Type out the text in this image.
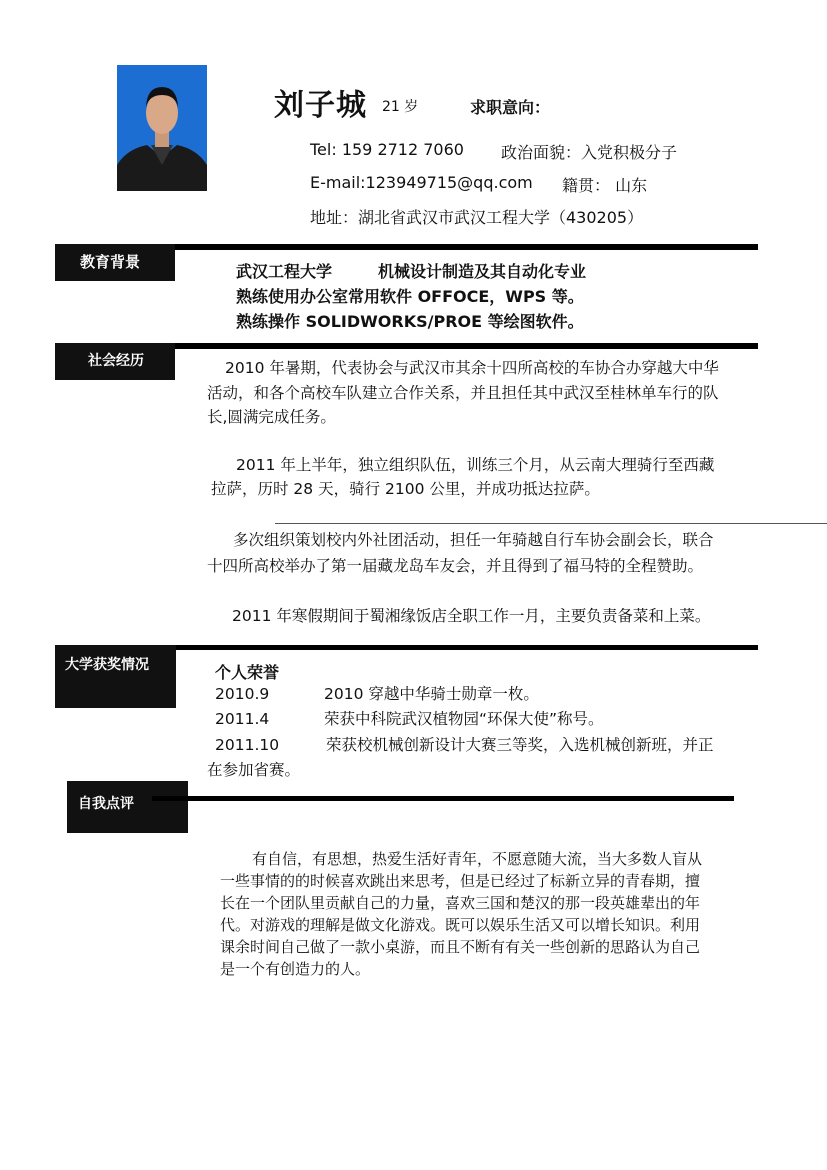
刘子城 21 岁	求职意向：
Tel: 159 2712 7060 政治面貌：入党积极分子
E-mail:123949715@qq.com 籍贯： 山东
地址：湖北省武汉市武汉工程大学（430205）
教育背景	武汉工程大学	机械设计制造及其自动化专业
熟练使用办公室常用软件 OFFOCE，WPS 等。
熟练操作 SOLIDWORKS/PROE 等绘图软件。
社会经历	2010 年暑期，代表协会与武汉市其余十四所高校的车协合办穿越大中华
活动，和各个高校车队建立合作关系，并且担任其中武汉至桂林单车行的队
长,圆满完成任务。
2011 年上半年，独立组织队伍，训练三个月，从云南大理骑行至西藏
拉萨，历时 28 天，骑行 2100 公里，并成功抵达拉萨。
多次组织策划校内外社团活动，担任一年骑越自行车协会副会长，联合
十四所高校举办了第一届藏龙岛车友会，并且得到了福马特的全程赞助。
2011 年寒假期间于蜀湘缘饭店全职工作一月，主要负责备菜和上菜。
大学获奖情况	个人荣誉
2010.9	2010 穿越中华骑士勋章一枚。
2011.4	荣获中科院武汉植物园“环保大使”称号。
2011.10	荣获校机械创新设计大赛三等奖，入选机械创新班，并正
在参加省赛。
自我点评
有自信，有思想，热爱生活好青年，不愿意随大流，当大多数人盲从
一些事情的的时候喜欢跳出来思考，但是已经过了标新立异的青春期，擅
长在一个团队里贡献自己的力量，喜欢三国和楚汉的那一段英雄辈出的年
代。对游戏的理解是做文化游戏。既可以娱乐生活又可以增长知识。利用
课余时间自己做了一款小桌游，而且不断有有关一些创新的思路认为自己
是一个有创造力的人。
